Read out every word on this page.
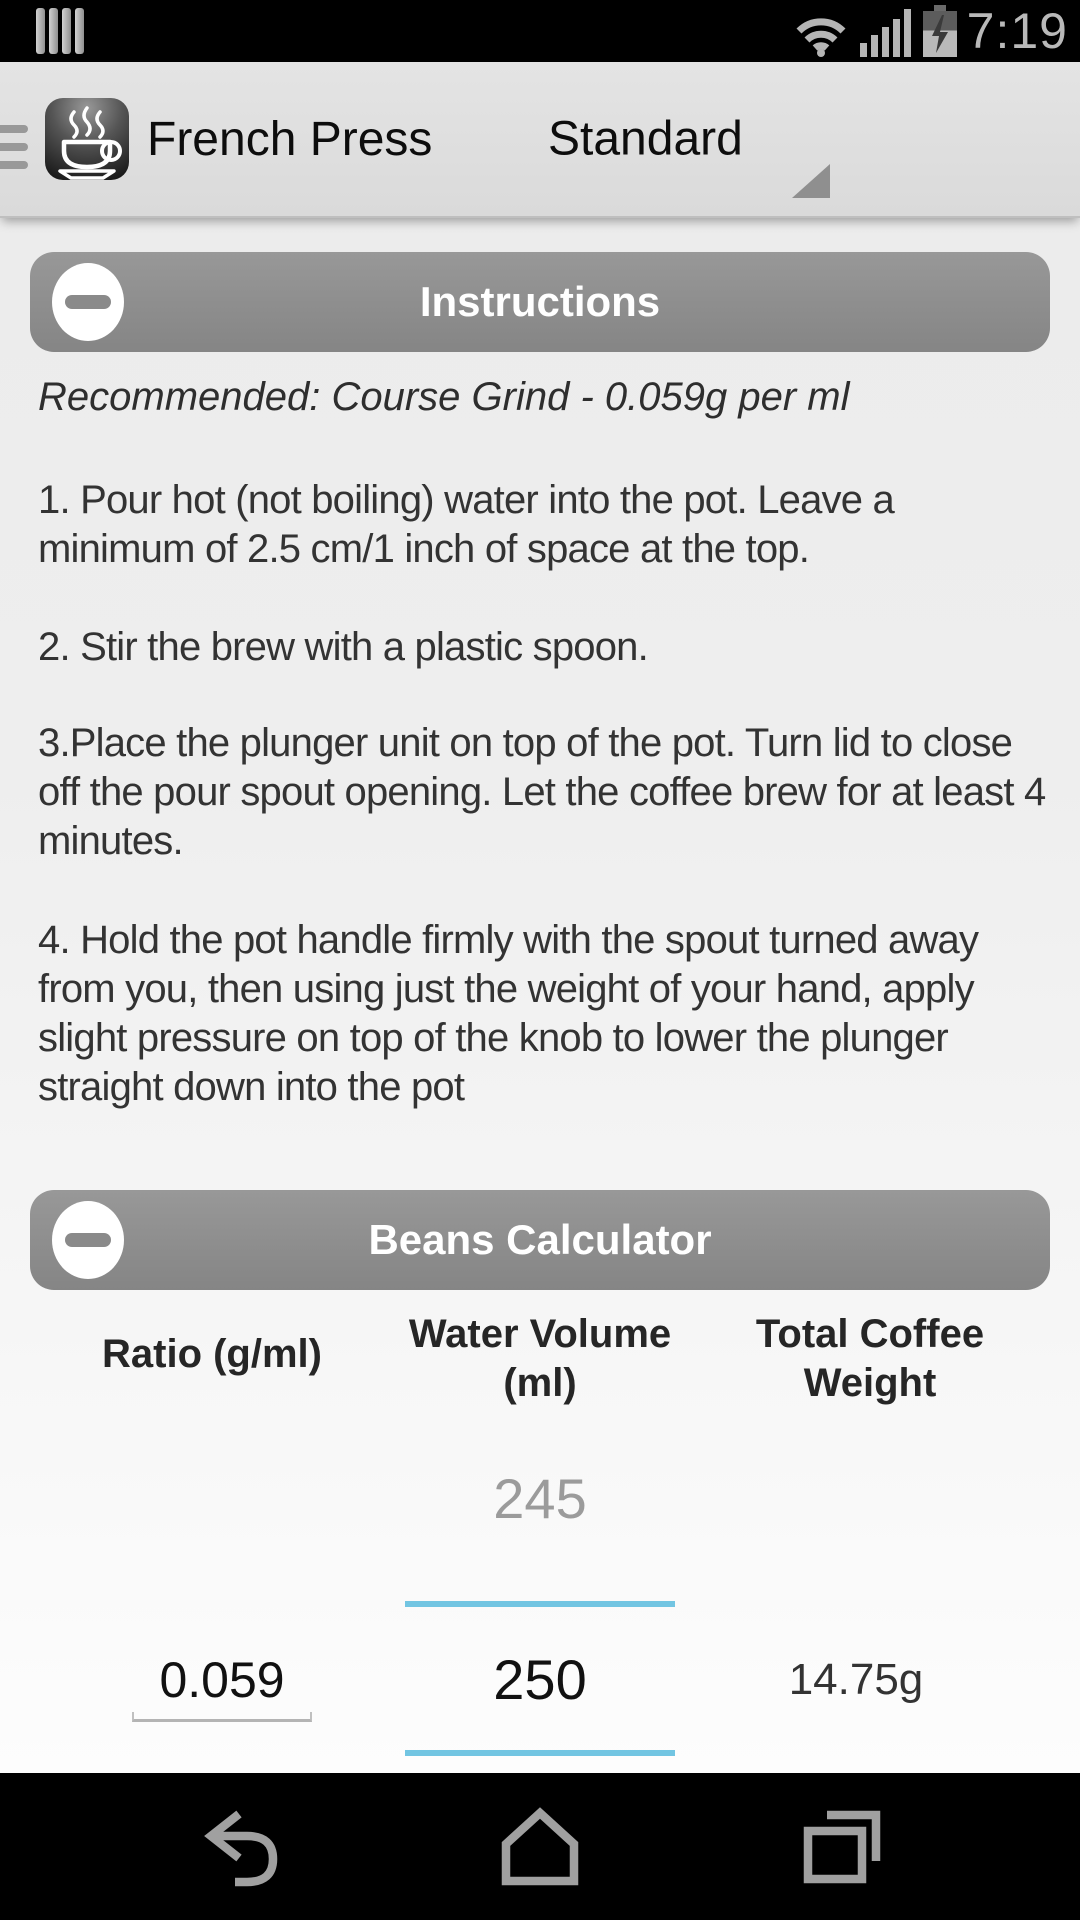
7:19
French Press Standard
Instructions

Recommended: Course Grind - 0.059g per ml

1. Pour hot (not boiling) water into the pot. Leave a minimum of 2.5 cm/1 inch of space at the top.

2. Stir the brew with a plastic spoon.

3.Place the plunger unit on top of the pot. Turn lid to close off the pour spout opening. Let the coffee brew for at least 4 minutes.

4. Hold the pot handle firmly with the spout turned away from you, then using just the weight of your hand, apply slight pressure on top of the knob to lower the plunger straight down into the pot

Beans Calculator
Ratio (g/ml)	Water Volume (ml)
Total Coffee Weight
245
0.059
250
14.75g
